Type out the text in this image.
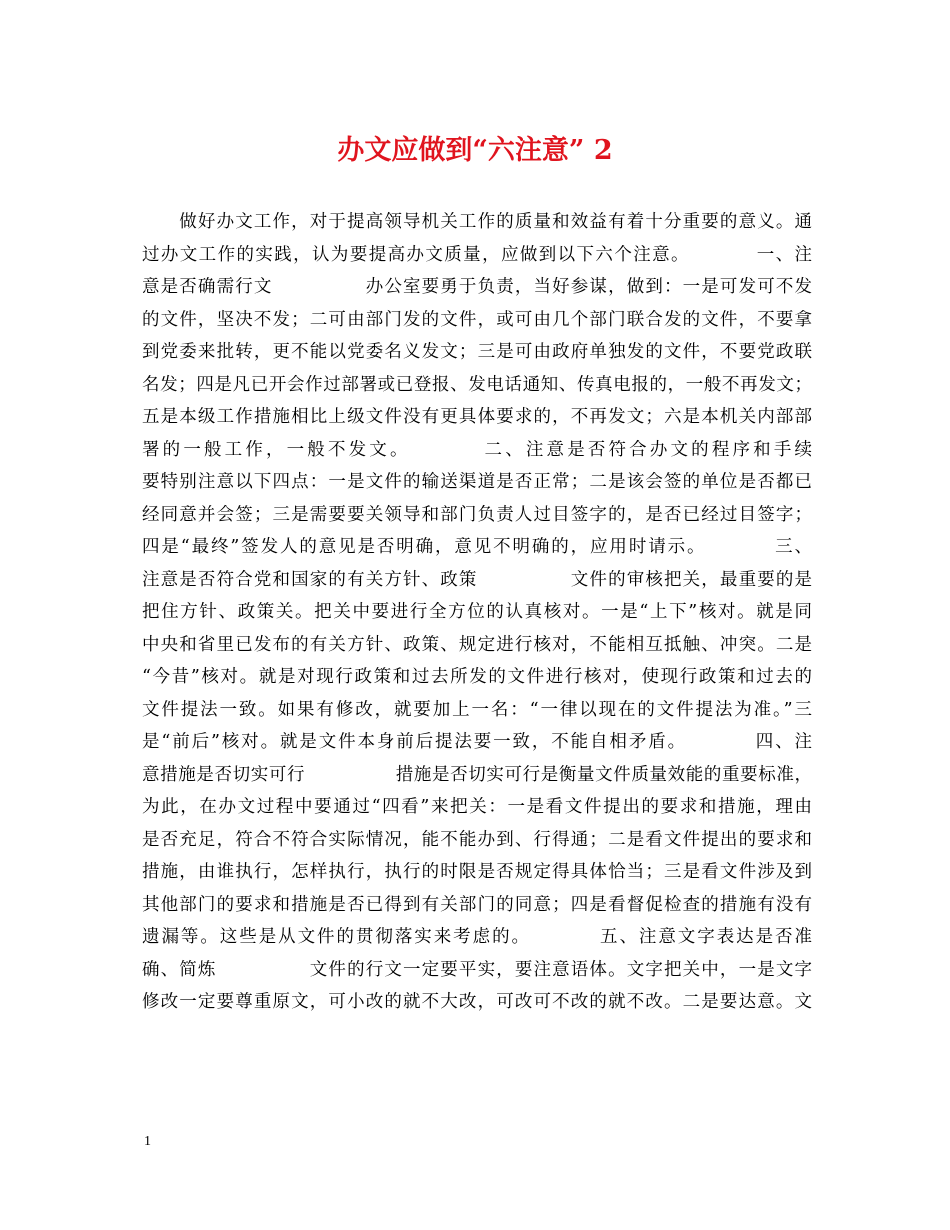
办文应做到“六注意” 2
　　做好办文工作，对于提高领导机关工作的质量和效益有着十分重要的意义。通
过办文工作的实践，认为要提高办文质量，应做到以下六个注意。　　　　一、注
意是否确需行文　　　　　办公室要勇于负责，当好参谋，做到：一是可发可不发
的文件，坚决不发；二可由部门发的文件，或可由几个部门联合发的文件，不要拿
到党委来批转，更不能以党委名义发文；三是可由政府单独发的文件，不要党政联
名发；四是凡已开会作过部署或已登报、发电话通知、传真电报的，一般不再发文；
五是本级工作措施相比上级文件没有更具体要求的，不再发文；六是本机关内部部
署的一般工作，一般不发文。　　　　二、注意是否符合办文的程序和手续
要特别注意以下四点：一是文件的输送渠道是否正常；二是该会签的单位是否都已
经同意并会签；三是需要要关领导和部门负责人过目签字的，是否已经过目签字；
四是“最终”签发人的意见是否明确，意见不明确的，应用时请示。　　　　三、
注意是否符合党和国家的有关方针、政策　　　　　文件的审核把关，最重要的是
把住方针、政策关。把关中要进行全方位的认真核对。一是“上下”核对。就是同
中央和省里已发布的有关方针、政策、规定进行核对，不能相互抵触、冲突。二是
“今昔”核对。就是对现行政策和过去所发的文件进行核对，使现行政策和过去的
文件提法一致。如果有修改，就要加上一名：“一律以现在的文件提法为准。”三
是“前后”核对。就是文件本身前后提法要一致，不能自相矛盾。　　　　四、注
意措施是否切实可行　　　　　措施是否切实可行是衡量文件质量效能的重要标准，
为此，在办文过程中要通过“四看”来把关：一是看文件提出的要求和措施，理由
是否充足，符合不符合实际情况，能不能办到、行得通；二是看文件提出的要求和
措施，由谁执行，怎样执行，执行的时限是否规定得具体恰当；三是看文件涉及到
其他部门的要求和措施是否已得到有关部门的同意；四是看督促检查的措施有没有
遗漏等。这些是从文件的贯彻落实来考虑的。　　　　五、注意文字表达是否准
确、简炼　　　　　文件的行文一定要平实，要注意语体。文字把关中，一是文字
修改一定要尊重原文，可小改的就不大改，可改可不改的就不改。二是要达意。文
1
